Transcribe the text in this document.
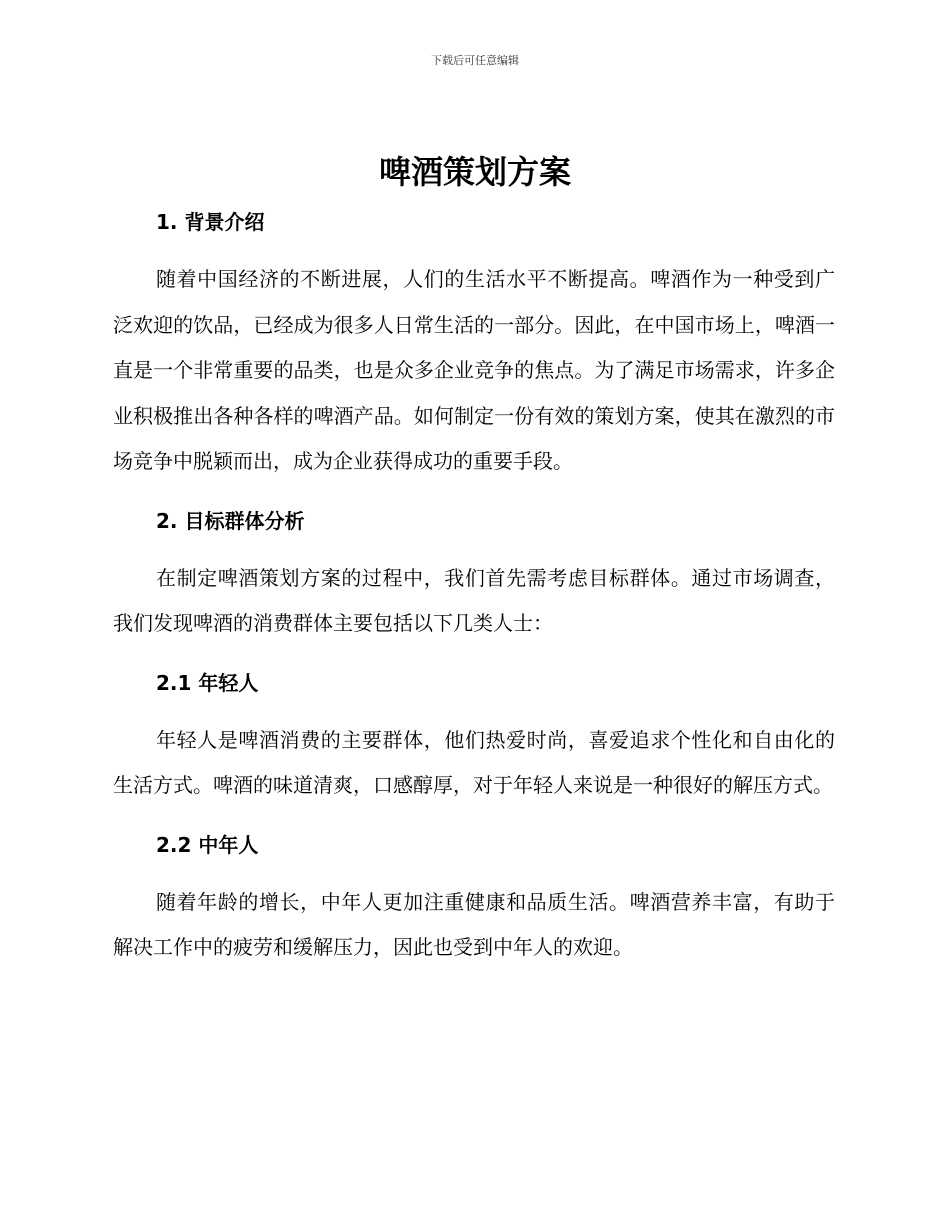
下载后可任意编辑
啤酒策划方案
1. 背景介绍

随着中国经济的不断进展，人们的生活水平不断提高。啤酒作为一种受到广泛欢迎的饮品，已经成为很多人日常生活的一部分。因此，在中国市场上，啤酒一直是一个非常重要的品类，也是众多企业竞争的焦点。为了满足市场需求，许多企业积极推出各种各样的啤酒产品。如何制定一份有效的策划方案，使其在激烈的市场竞争中脱颖而出，成为企业获得成功的重要手段。

2. 目标群体分析

在制定啤酒策划方案的过程中，我们首先需考虑目标群体。通过市场调查，我们发现啤酒的消费群体主要包括以下几类人士：

2.1 年轻人

年轻人是啤酒消费的主要群体，他们热爱时尚，喜爱追求个性化和自由化的生活方式。啤酒的味道清爽，口感醇厚，对于年轻人来说是一种很好的解压方式。

2.2 中年人

随着年龄的增长，中年人更加注重健康和品质生活。啤酒营养丰富，有助于解决工作中的疲劳和缓解压力，因此也受到中年人的欢迎。
